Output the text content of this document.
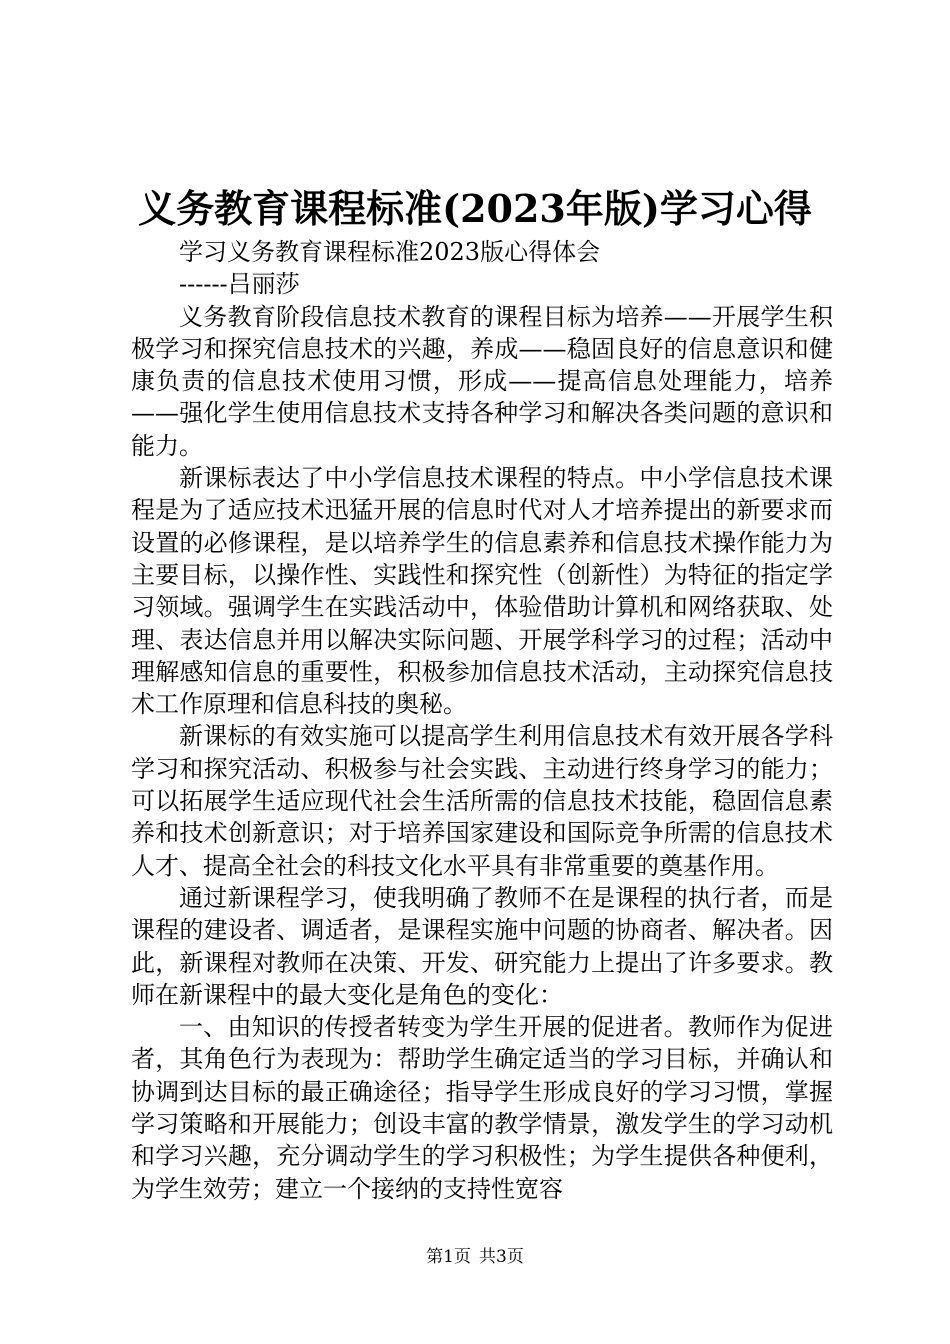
义务教育课程标准(2023年版)学习心得
学习义务教育课程标准2023版心得体会
------吕丽莎

义务教育阶段信息技术教育的课程目标为培养——开展学生积极学习和探究信息技术的兴趣，养成——稳固良好的信息意识和健康负责的信息技术使用习惯，形成——提高信息处理能力，培养——强化学生使用信息技术支持各种学习和解决各类问题的意识和能力。

新课标表达了中小学信息技术课程的特点。中小学信息技术课程是为了适应技术迅猛开展的信息时代对人才培养提出的新要求而设置的必修课程，是以培养学生的信息素养和信息技术操作能力为主要目标，以操作性、实践性和探究性（创新性）为特征的指定学习领域。强调学生在实践活动中，体验借助计算机和网络获取、处理、表达信息并用以解决实际问题、开展学科学习的过程；活动中理解感知信息的重要性，积极参加信息技术活动，主动探究信息技术工作原理和信息科技的奥秘。

新课标的有效实施可以提高学生利用信息技术有效开展各学科学习和探究活动、积极参与社会实践、主动进行终身学习的能力；可以拓展学生适应现代社会生活所需的信息技术技能，稳固信息素养和技术创新意识；对于培养国家建设和国际竞争所需的信息技术人才、提高全社会的科技文化水平具有非常重要的奠基作用。

通过新课程学习，使我明确了教师不在是课程的执行者，而是课程的建设者、调适者，是课程实施中问题的协商者、解决者。因此，新课程对教师在决策、开发、研究能力上提出了许多要求。教师在新课程中的最大变化是角色的变化：

一、由知识的传授者转变为学生开展的促进者。教师作为促进者，其角色行为表现为：帮助学生确定适当的学习目标，并确认和协调到达目标的最正确途径；指导学生形成良好的学习习惯，掌握学习策略和开展能力；创设丰富的教学情景，激发学生的学习动机和学习兴趣，充分调动学生的学习积极性；为学生提供各种便利，为学生效劳；建立一个接纳的支持性宽容

第1页 共3页
